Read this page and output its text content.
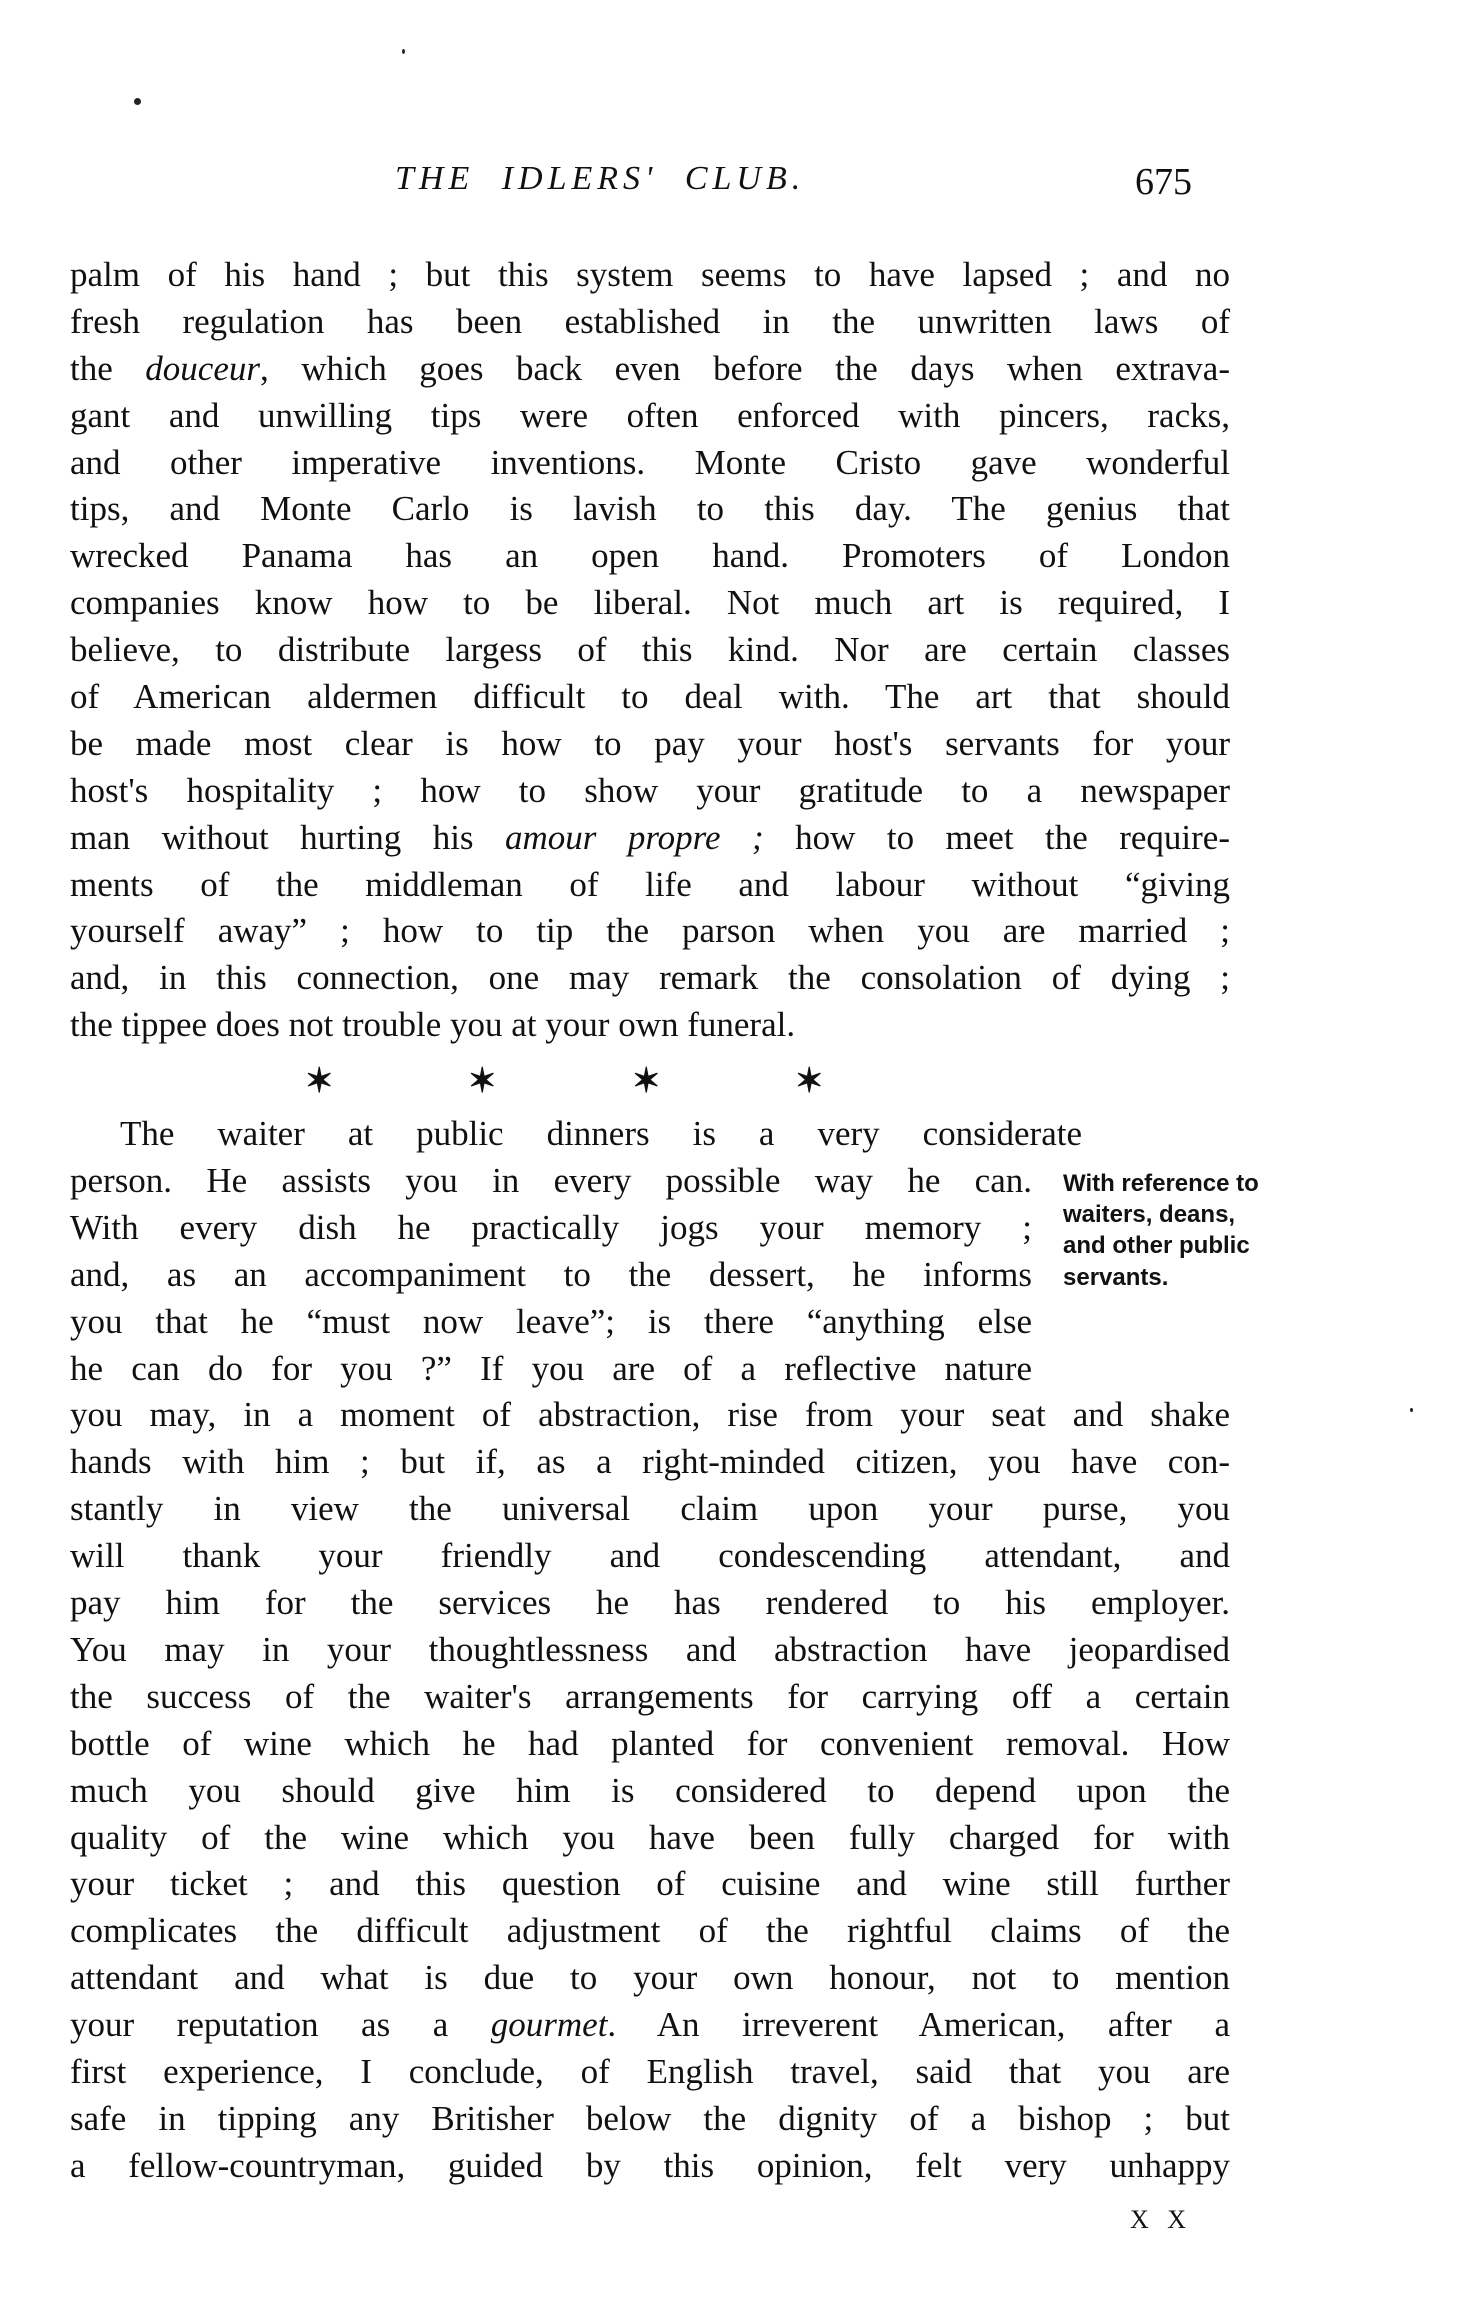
THE IDLERS' CLUB.	675
palm of his hand ; but this system seems to have lapsed ; and no
fresh regulation has been established in the unwritten laws of
the douceur, which goes back even before the days when extrava-
gant and unwilling tips were often enforced with pincers, racks,
and other imperative inventions. Monte Cristo gave wonderful
tips, and Monte Carlo is lavish to this day. The genius that
wrecked Panama has an open hand. Promoters of London
companies know how to be liberal. Not much art is required, I
believe, to distribute largess of this kind. Nor are certain classes
of American aldermen difficult to deal with. The art that should
be made most clear is how to pay your host's servants for your
host's hospitality ; how to show your gratitude to a newspaper
man without hurting his amour propre ; how to meet the require-
ments of the middleman of life and labour without “giving
yourself away” ; how to tip the parson when you are married ;
and, in this connection, one may remark the consolation of dying ;
the tippee does not trouble you at your own funeral.
✶	✶	✶	✶
The waiter at public dinners is a very considerate
person. He assists you in every possible way he can.
With every dish he practically jogs your memory ;
and, as an accompaniment to the dessert, he informs
you that he “must now leave”; is there “anything else
he can do for you ?” If you are of a reflective nature
you may, in a moment of abstraction, rise from your seat and shake
hands with him ; but if, as a right-minded citizen, you have con-
stantly in view the universal claim upon your purse, you
will thank your friendly and condescending attendant, and
pay him for the services he has rendered to his employer.
You may in your thoughtlessness and abstraction have jeopardised
the success of the waiter's arrangements for carrying off a certain
bottle of wine which he had planted for convenient removal. How
much you should give him is considered to depend upon the
quality of the wine which you have been fully charged for with
your ticket ; and this question of cuisine and wine still further
complicates the difficult adjustment of the rightful claims of the
attendant and what is due to your own honour, not to mention
your reputation as a gourmet. An irreverent American, after a
first experience, I conclude, of English travel, said that you are
safe in tipping any Britisher below the dignity of a bishop ; but
a fellow-countryman, guided by this opinion, felt very unhappy
With reference to
waiters, deans,
and other public
servants.
X X
